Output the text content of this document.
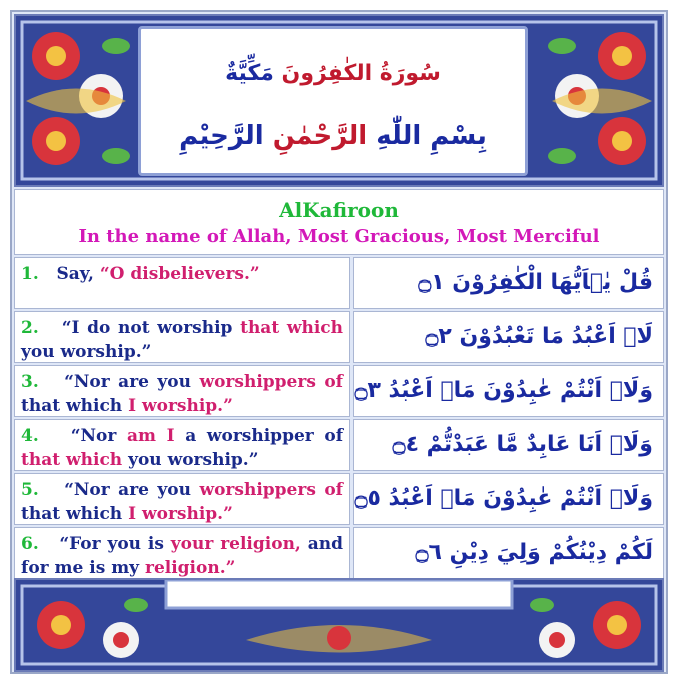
سُورَةُ الكٰفِرُونَ مَكِّيَّةٌ
بِسْمِ اللّٰهِ الرَّحْمٰنِ الرَّحِيْمِ
AlKafiroon
In the name of Allah, Most Gracious, Most Merciful
1. Say, “O disbelievers.”	قُلْ يٰۤاَيُّهَا الْكٰفِرُوْنَ ۝١
2. “I do not worship that which you worship.”
لَاۤ اَعْبُدُ مَا تَعْبُدُوْنَ ۝٢
3. “Nor are you worshippers of that which I worship.”
وَلَاۤ اَنْتُمْ عٰبِدُوْنَ مَاۤ اَعْبُدُ ۝٣
4. “Nor am I a worshipper of that which you worship.”
وَلَاۤ اَنَا عَابِدٌ مَّا عَبَدْتُّمْ ۝٤
5. “Nor are you worshippers of that which I worship.”
وَلَاۤ اَنْتُمْ عٰبِدُوْنَ مَاۤ اَعْبُدُ ۝٥
6. “For you is your religion, and for me is my religion.”
لَكُمْ دِيْنُكُمْ وَلِيَ دِيْنِ ۝٦
